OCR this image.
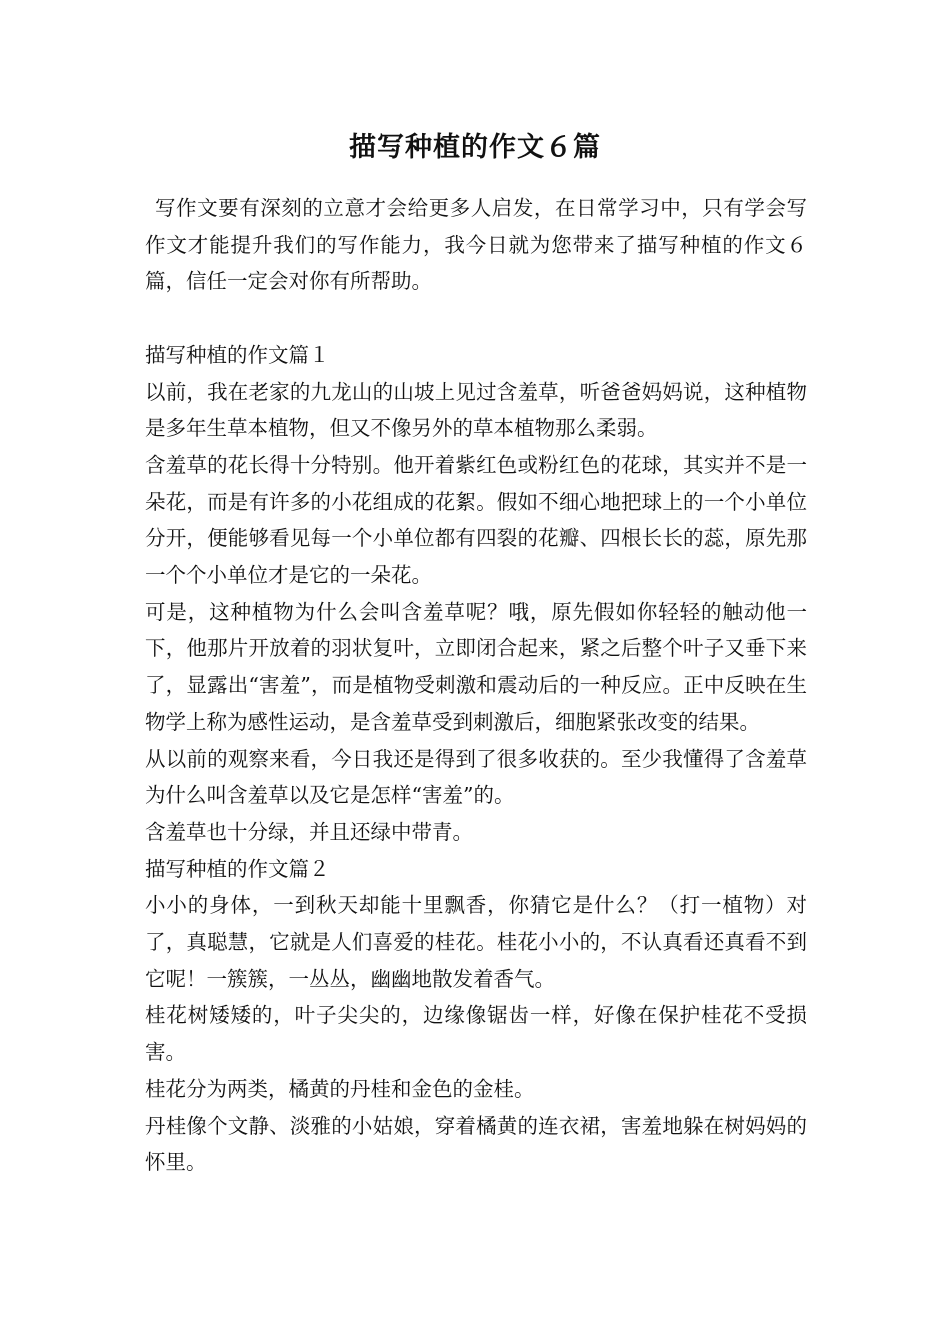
描写种植的作文６篇

写作文要有深刻的立意才会给更多人启发，在日常学习中，只有学会写作文才能提升我们的写作能力，我今日就为您带来了描写种植的作文６篇，信任一定会对你有所帮助。

描写种植的作文篇１

以前，我在老家的九龙山的山坡上见过含羞草，听爸爸妈妈说，这种植物是多年生草本植物，但又不像另外的草本植物那么柔弱。

含羞草的花长得十分特别。他开着紫红色或粉红色的花球，其实并不是一朵花，而是有许多的小花组成的花絮。假如不细心地把球上的一个小单位分开，便能够看见每一个小单位都有四裂的花瓣、四根长长的蕊，原先那一个个小单位才是它的一朵花。

可是，这种植物为什么会叫含羞草呢？哦，原先假如你轻轻的触动他一下，他那片开放着的羽状复叶，立即闭合起来，紧之后整个叶子又垂下来了，显露出“害羞”，而是植物受刺激和震动后的一种反应。正中反映在生物学上称为感性运动，是含羞草受到刺激后，细胞紧张改变的结果。

从以前的观察来看，今日我还是得到了很多收获的。至少我懂得了含羞草为什么叫含羞草以及它是怎样“害羞”的。

含羞草也十分绿，并且还绿中带青。

描写种植的作文篇２

小小的身体，一到秋天却能十里飘香，你猜它是什么？（打一植物）对了，真聪慧，它就是人们喜爱的桂花。桂花小小的，不认真看还真看不到它呢！一簇簇，一丛丛，幽幽地散发着香气。

桂花树矮矮的，叶子尖尖的，边缘像锯齿一样，好像在保护桂花不受损害。

桂花分为两类，橘黄的丹桂和金色的金桂。

丹桂像个文静、淡雅的小姑娘，穿着橘黄的连衣裙，害羞地躲在树妈妈的怀里。
